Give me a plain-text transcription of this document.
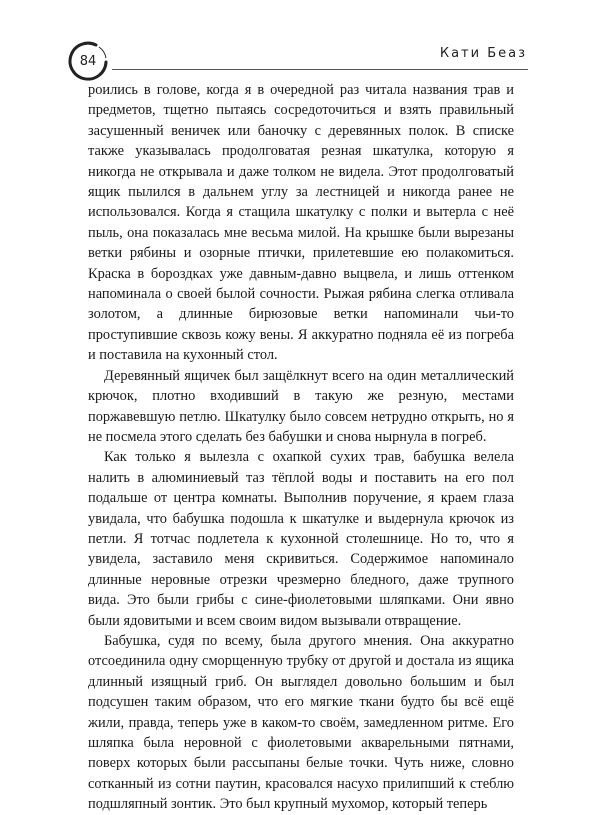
84
Кати Беаз

роились в голове, когда я в очередной раз читала названия трав и предметов, тщетно пытаясь сосредоточиться и взять правильный засушенный веничек или баночку с деревянных полок. В списке также указывалась продолговатая резная шкатулка, которую я никогда не открывала и даже толком не видела. Этот продолговатый ящик пылился в дальнем углу за лестницей и никогда ранее не использовался. Когда я стащила шкатулку с полки и вытерла с неё пыль, она показалась мне весьма милой. На крышке были вырезаны ветки рябины и озорные птички, прилетевшие ею полакомиться. Краска в бороздках уже давным-давно выцвела, и лишь оттенком напоминала о своей былой сочности. Рыжая рябина слегка отливала золотом, а длинные бирюзовые ветки напоминали чьи-то проступившие сквозь кожу вены. Я аккуратно подняла её из погреба и поставила на кухонный стол.

Деревянный ящичек был защёлкнут всего на один металлический крючок, плотно входивший в такую же резную, местами поржавевшую петлю. Шкатулку было совсем нетрудно открыть, но я не посмела этого сделать без бабушки и снова нырнула в погреб.

Как только я вылезла с охапкой сухих трав, бабушка велела налить в алюминиевый таз тёплой воды и поставить на его пол подальше от центра комнаты. Выполнив поручение, я краем глаза увидала, что бабушка подошла к шкатулке и выдернула крючок из петли. Я тотчас подлетела к кухонной столешнице. Но то, что я увидела, заставило меня скривиться. Содержимое напоминало длинные неровные отрезки чрезмерно бледного, даже трупного вида. Это были грибы с сине-фиолетовыми шляпками. Они явно были ядовитыми и всем своим видом вызывали отвращение.

Бабушка, судя по всему, была другого мнения. Она аккуратно отсоединила одну сморщенную трубку от другой и достала из ящика длинный изящный гриб. Он выглядел довольно большим и был подсушен таким образом, что его мягкие ткани будто бы всё ещё жили, правда, теперь уже в каком-то своём, замедленном ритме. Его шляпка была неровной с фиолетовыми акварельными пятнами, поверх которых были рассыпаны белые точки. Чуть ниже, словно сотканный из сотни паутин, красовался насухо прилипший к стеблю подшляпный зонтик. Это был крупный мухомор, который теперь
